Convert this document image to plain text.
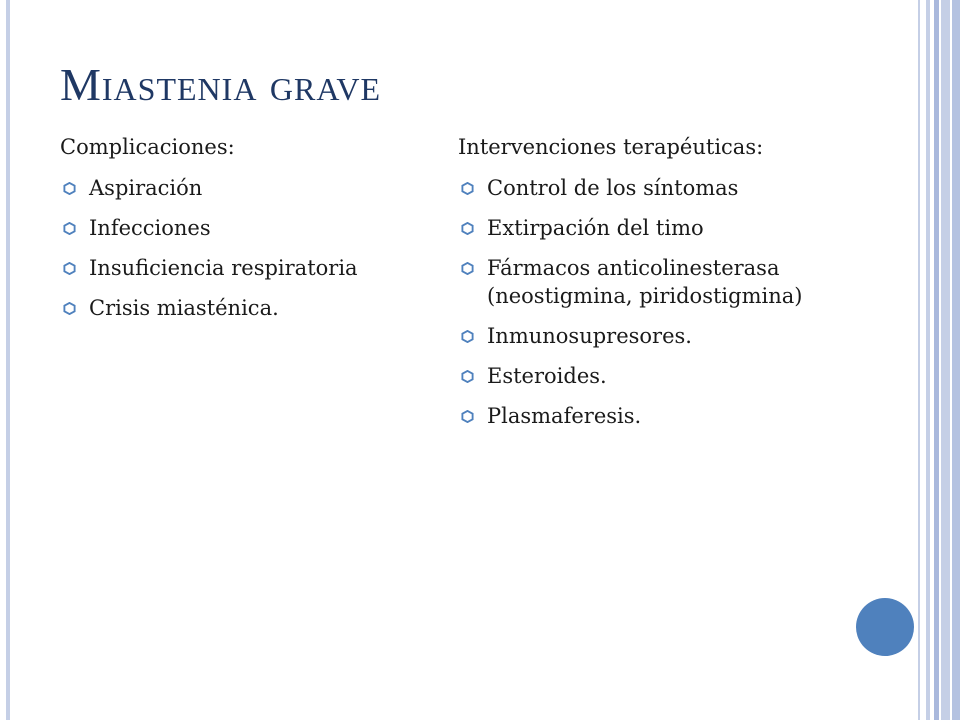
Miastenia grave

Complicaciones:

Aspiración
Infecciones
Insuficiencia respiratoria
Crisis miasténica.

Intervenciones terapéuticas:

Control de los síntomas
Extirpación del timo
Fármacos anticolinesterasa (neostigmina, piridostigmina)
Inmunosupresores.
Esteroides.
Plasmaferesis.
